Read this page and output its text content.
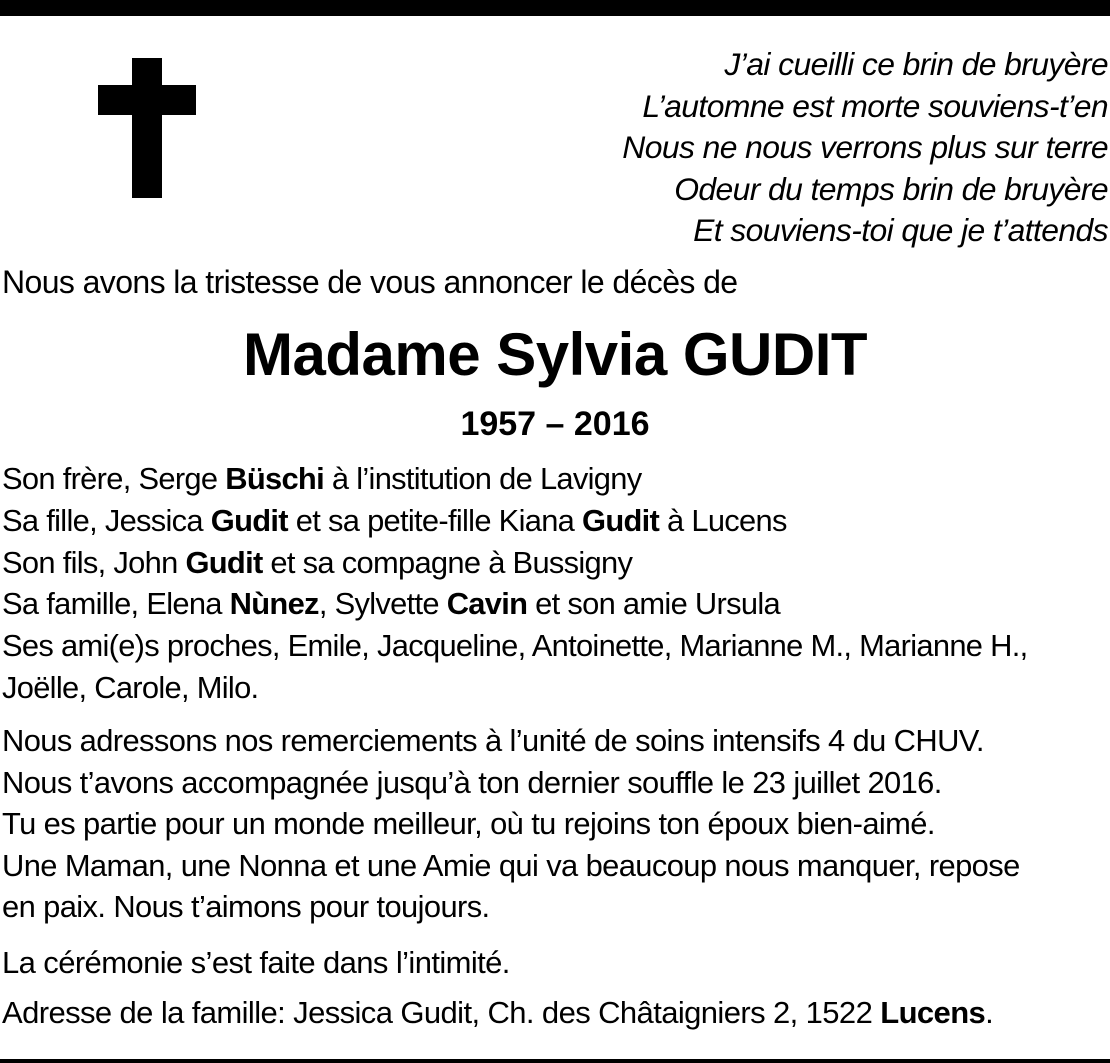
J’ai cueilli ce brin de bruyère
L’automne est morte souviens-t’en
Nous ne nous verrons plus sur terre
Odeur du temps brin de bruyère
Et souviens-toi que je t’attends
Nous avons la tristesse de vous annoncer le décès de
Madame Sylvia GUDIT
1957 – 2016
Son frère, Serge Büschi à l’institution de Lavigny
Sa fille, Jessica Gudit et sa petite-fille Kiana Gudit à Lucens
Son fils, John Gudit et sa compagne à Bussigny
Sa famille, Elena Nùnez, Sylvette Cavin et son amie Ursula
Ses ami(e)s proches, Emile, Jacqueline, Antoinette, Marianne M., Marianne H.,
Joëlle, Carole, Milo.
Nous adressons nos remerciements à l’unité de soins intensifs 4 du CHUV.
Nous t’avons accompagnée jusqu’à ton dernier souffle le 23 juillet 2016.
Tu es partie pour un monde meilleur, où tu rejoins ton époux bien-aimé.
Une Maman, une Nonna et une Amie qui va beaucoup nous manquer, repose
en paix. Nous t’aimons pour toujours.
La cérémonie s’est faite dans l’intimité.
Adresse de la famille: Jessica Gudit, Ch. des Châtaigniers 2, 1522 Lucens.
